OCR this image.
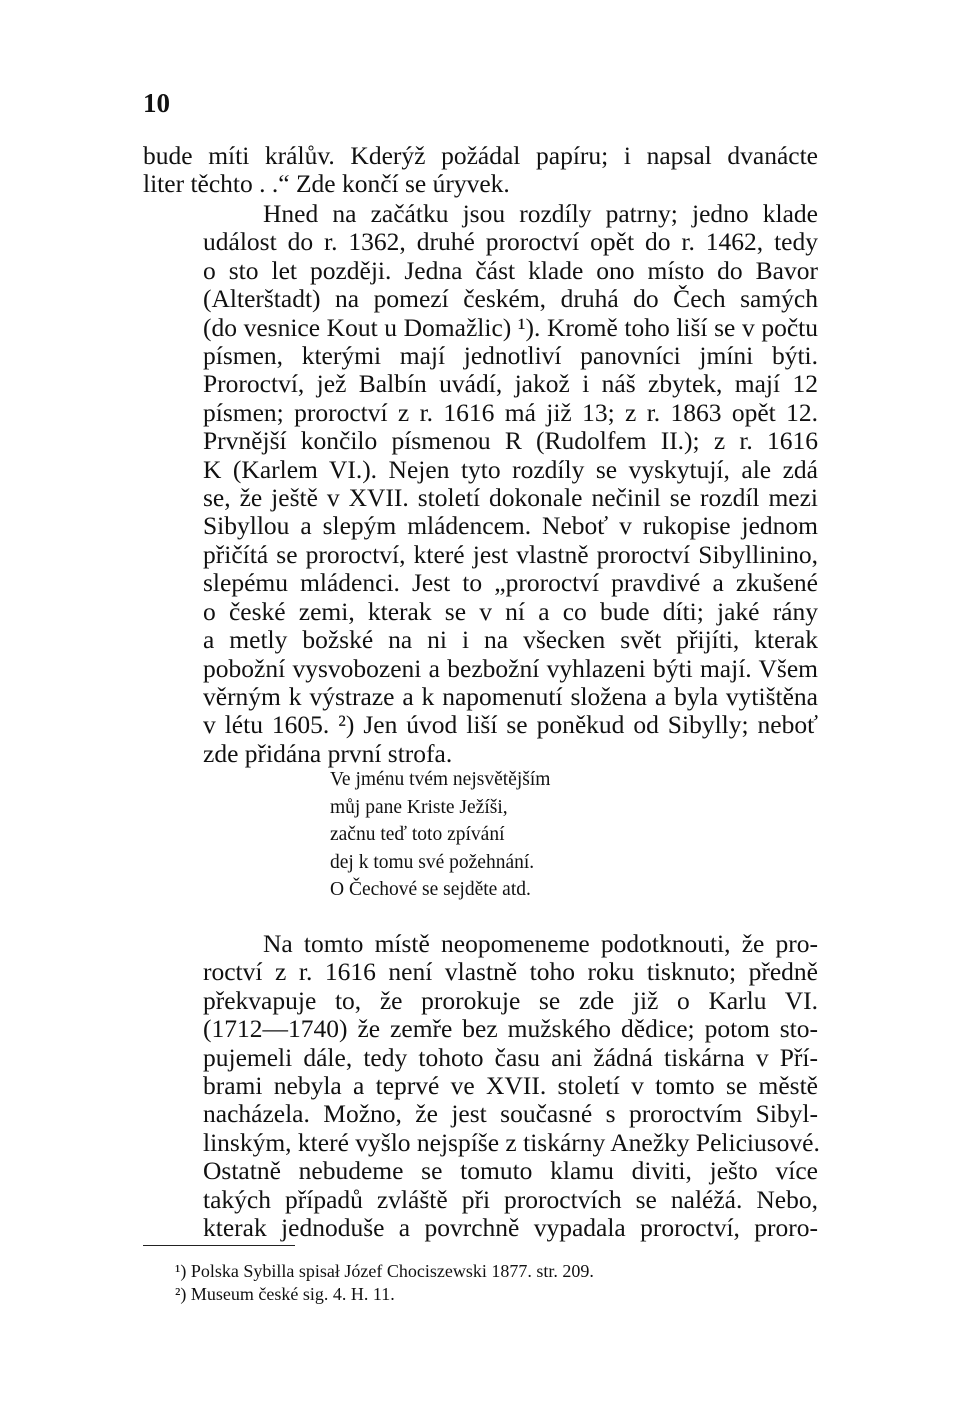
10
bude míti králův. Kderýž požádal papíru; i napsal dvanácte
liter těchto . .“ Zde končí se úryvek.
Hned na začátku jsou rozdíly patrny; jedno klade
událost do r. 1362, druhé proroctví opět do r. 1462, tedy
o sto let později. Jedna část klade ono místo do Bavor
(Alterštadt) na pomezí českém, druhá do Čech samých
(do vesnice Kout u Domažlic) ¹). Kromě toho liší se v počtu
písmen, kterými mají jednotliví panovníci jmíni býti.
Proroctví, jež Balbín uvádí, jakož i náš zbytek, mají 12
písmen; proroctví z r. 1616 má již 13; z r. 1863 opět 12.
Prvnější končilo písmenou R (Rudolfem II.); z r. 1616
K (Karlem VI.). Nejen tyto rozdíly se vyskytují, ale zdá
se, že ještě v XVII. století dokonale nečinil se rozdíl mezi
Sibyllou a slepým mládencem. Neboť v rukopise jednom
přičítá se proroctví, které jest vlastně proroctví Sibyllinino,
slepému mládenci. Jest to „proroctví pravdivé a zkušené
o české zemi, kterak se v ní a co bude díti; jaké rány
a metly božské na ni i na všecken svět přijíti, kterak
pobožní vysvobozeni a bezbožní vyhlazeni býti mají. Všem
věrným k výstraze a k napomenutí složena a byla vytištěna
v létu 1605. ²) Jen úvod liší se poněkud od Sibylly; neboť
zde přidána první strofa.
Ve jménu tvém nejsvětějším
můj pane Kriste Ježíši,
začnu teď toto zpívání
dej k tomu své požehnání.
O Čechové se sejděte atd.
Na tomto místě neopomeneme podotknouti, že pro-
roctví z r. 1616 není vlastně toho roku tisknuto; předně
překvapuje to, že prorokuje se zde již o Karlu VI.
(1712—1740) že zemře bez mužského dědice; potom sto-
pujemeli dále, tedy tohoto času ani žádná tiskárna v Pří-
brami nebyla a teprvé ve XVII. století v tomto se městě
nacházela. Možno, že jest současné s proroctvím Sibyl-
linským, které vyšlo nejspíše z tiskárny Anežky Peliciusové.
Ostatně nebudeme se tomuto klamu diviti, ješto více
takých případů zvláště při proroctvích se naléžá. Nebo,
kterak jednoduše a povrchně vypadala proroctví, proro-
¹) Polska Sybilla spisał Józef Chociszewski 1877. str. 209.
²) Museum české sig. 4. H. 11.
